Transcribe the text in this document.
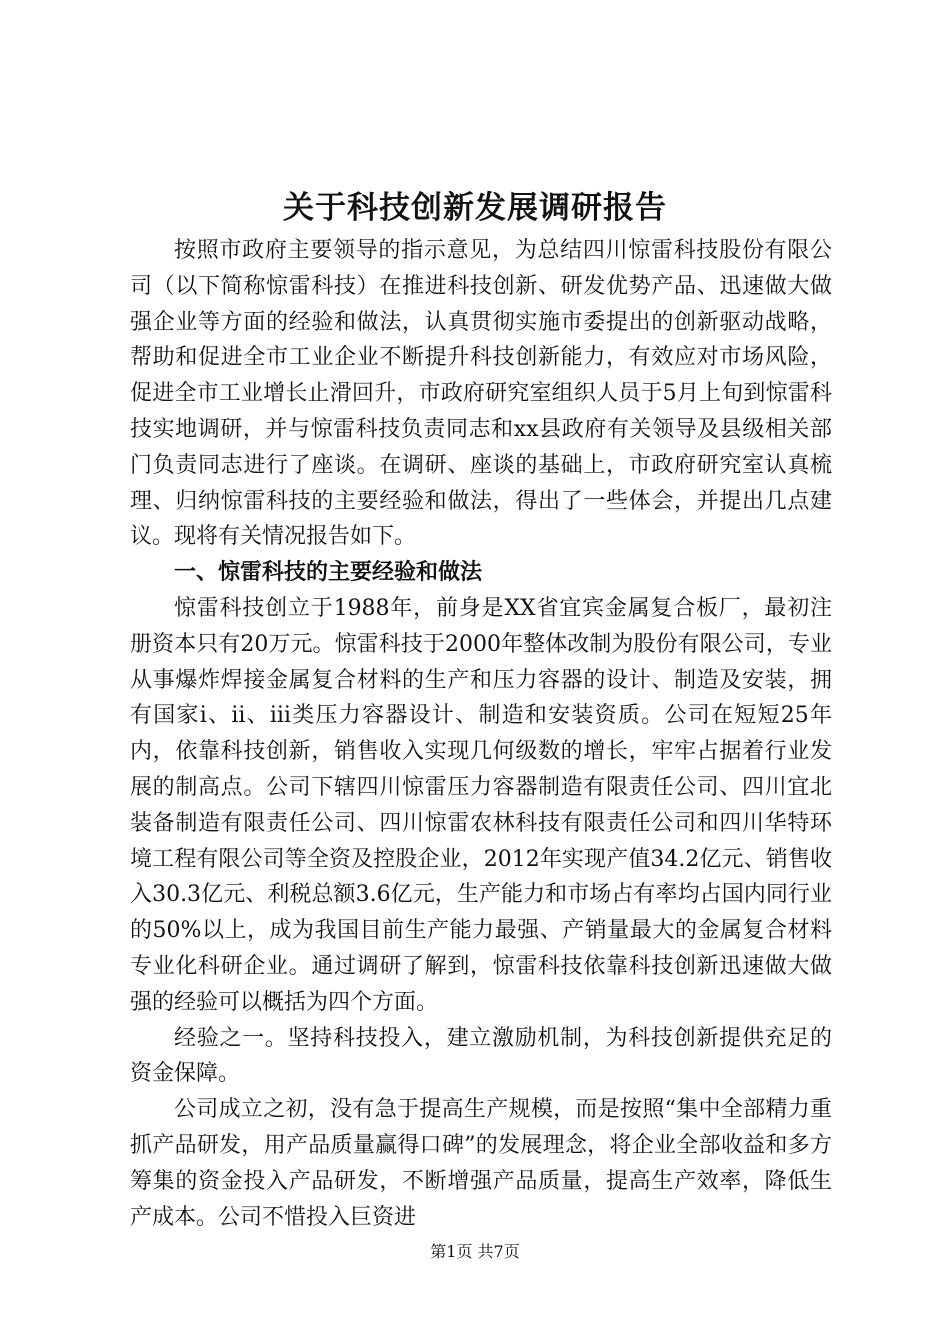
关于科技创新发展调研报告

按照市政府主要领导的指示意见，为总结四川惊雷科技股份有限公司（以下简称惊雷科技）在推进科技创新、研发优势产品、迅速做大做强企业等方面的经验和做法，认真贯彻实施市委提出的创新驱动战略，帮助和促进全市工业企业不断提升科技创新能力，有效应对市场风险，促进全市工业增长止滑回升，市政府研究室组织人员于5月上旬到惊雷科技实地调研，并与惊雷科技负责同志和xx县政府有关领导及县级相关部门负责同志进行了座谈。在调研、座谈的基础上，市政府研究室认真梳理、归纳惊雷科技的主要经验和做法，得出了一些体会，并提出几点建议。现将有关情况报告如下。

一、惊雷科技的主要经验和做法

惊雷科技创立于1988年，前身是XX省宜宾金属复合板厂，最初注册资本只有20万元。惊雷科技于2000年整体改制为股份有限公司，专业从事爆炸焊接金属复合材料的生产和压力容器的设计、制造及安装，拥有国家ⅰ、ⅱ、ⅲ类压力容器设计、制造和安装资质。公司在短短25年内，依靠科技创新，销售收入实现几何级数的增长，牢牢占据着行业发展的制高点。公司下辖四川惊雷压力容器制造有限责任公司、四川宜北装备制造有限责任公司、四川惊雷农林科技有限责任公司和四川华特环境工程有限公司等全资及控股企业，2012年实现产值34.2亿元、销售收入30.3亿元、利税总额3.6亿元，生产能力和市场占有率均占国内同行业的50%以上，成为我国目前生产能力最强、产销量最大的金属复合材料专业化科研企业。通过调研了解到，惊雷科技依靠科技创新迅速做大做强的经验可以概括为四个方面。

经验之一。坚持科技投入，建立激励机制，为科技创新提供充足的资金保障。

公司成立之初，没有急于提高生产规模，而是按照“集中全部精力重抓产品研发，用产品质量赢得口碑”的发展理念，将企业全部收益和多方筹集的资金投入产品研发，不断增强产品质量，提高生产效率，降低生产成本。公司不惜投入巨资进

第1页 共7页
